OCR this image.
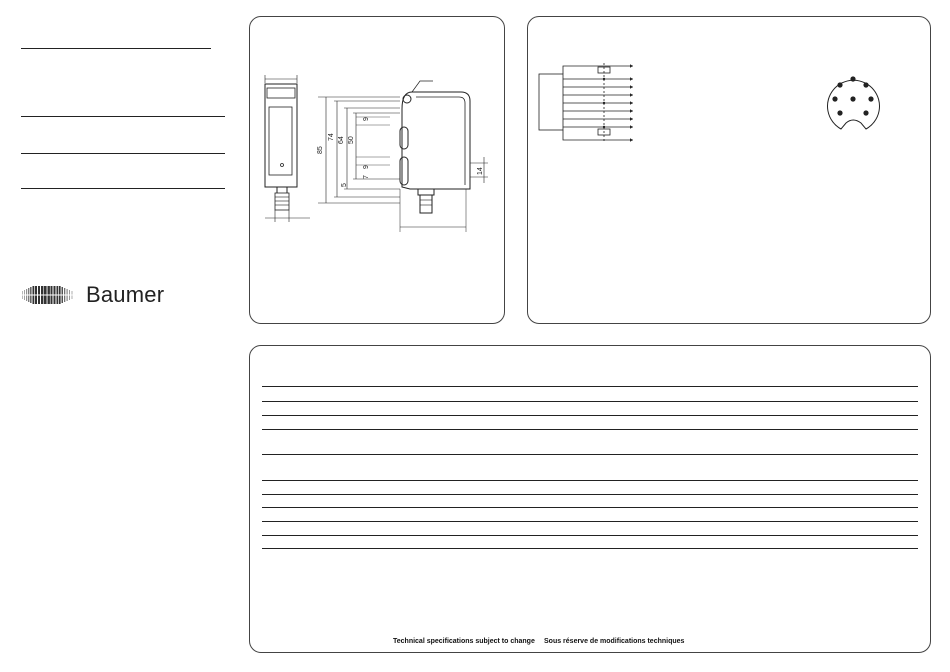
Baumer
85
74 64 50
9
9
7
5
14
Technical specifications subject to change Sous réserve de modifications techniques
